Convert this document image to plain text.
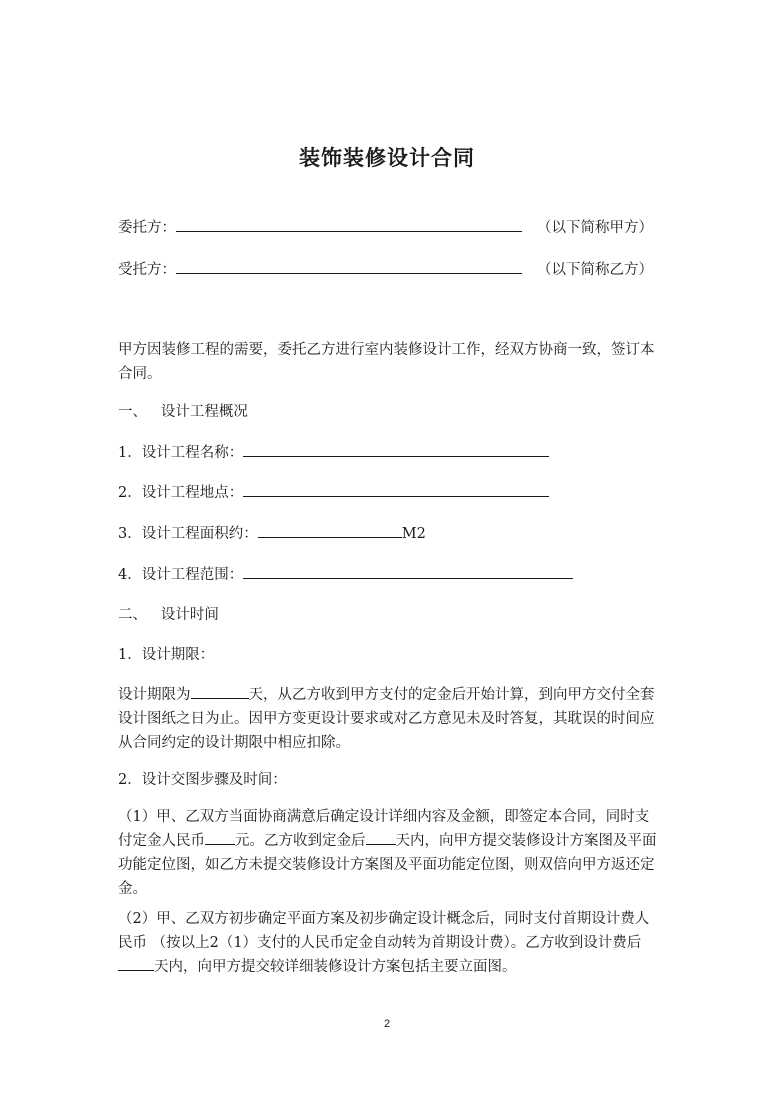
装饰装修设计合同
委托方：	（以下简称甲方）
受托方：	（以下简称乙方）
甲方因装修工程的需要，委托乙方进行室内装修设计工作，经双方协商一致，签订本合同。
一、   设计工程概况
1．设计工程名称：
2．设计工程地点：
3．设计工程面积约：	M2
4．设计工程范围：
二、   设计时间
1．设计期限：
设计期限为	天，从乙方收到甲方支付的定金后开始计算，到向甲方交付全套设计图纸之日为止。因甲方变更设计要求或对乙方意见未及时答复，其耽误的时间应从合同约定的设计期限中相应扣除。
2．设计交图步骤及时间：
（1）甲、乙双方当面协商满意后确定设计详细内容及金额，即签定本合同，同时支付定金人民币 元。乙方收到定金后 天内，向甲方提交装修设计方案图及平面功能定位图，如乙方未提交装修设计方案图及平面功能定位图，则双倍向甲方返还定金。
（2）甲、乙双方初步确定平面方案及初步确定设计概念后，同时支付首期设计费人民币 （按以上2（1）支付的人民币定金自动转为首期设计费）。乙方收到设计费后天内，向甲方提交较详细装修设计方案包括主要立面图。
2
